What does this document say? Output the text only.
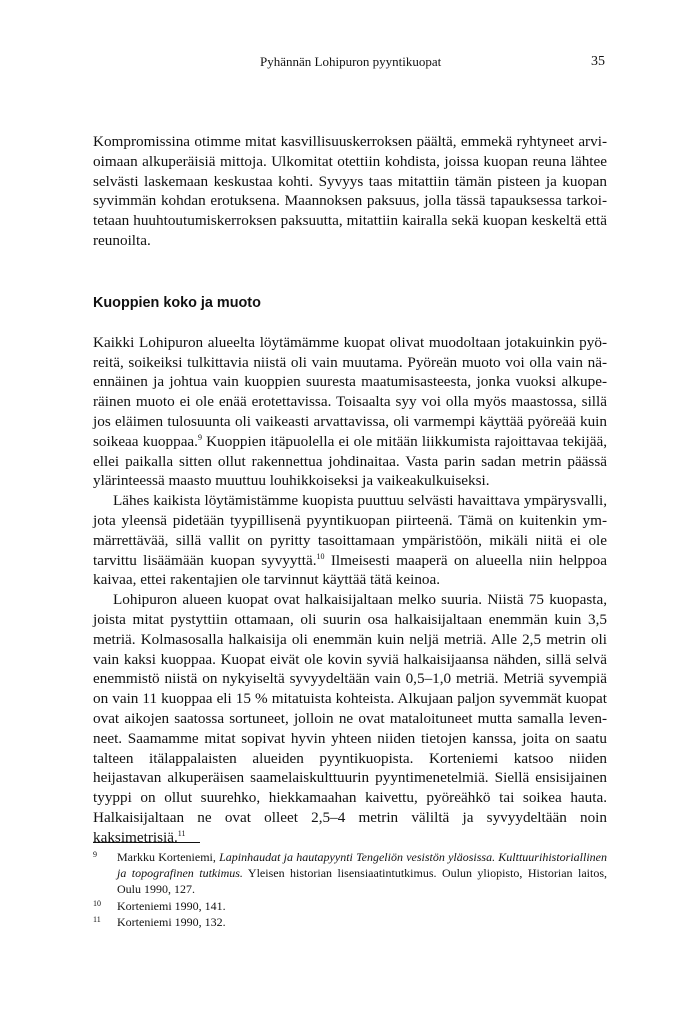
Pyhännän Lohipuron pyyntikuopat	35

Kompromissina otimme mitat kasvillisuuskerroksen päältä, emmekä ryhtyneet arvioimaan alkuperäisiä mittoja. Ulkomitat otettiin kohdista, joissa kuopan reuna lähtee selvästi laskemaan keskustaa kohti. Syvyys taas mitattiin tämän pisteen ja kuopan syvimmän kohdan erotuksena. Maannoksen paksuus, jolla tässä tapauksessa tarkoitetaan huuhtoutumiskerroksen paksuutta, mitattiin kairalla sekä kuopan keskeltä että reunoilta.

Kuoppien koko ja muoto

Kaikki Lohipuron alueelta löytämämme kuopat olivat muodoltaan jotakuinkin pyöreitä, soikeiksi tulkittavia niistä oli vain muutama. Pyöreän muoto voi olla vain näennäinen ja johtua vain kuoppien suuresta maatumisasteesta, jonka vuoksi alkuperäinen muoto ei ole enää erotettavissa. Toisaalta syy voi olla myös maastossa, sillä jos eläimen tulosuunta oli vaikeasti arvattavissa, oli varmempi käyttää pyöreää kuin soikeaa kuoppaa.$^9$ Kuoppien itäpuolella ei ole mitään liikkumista rajoittavaa tekijää, ellei paikalla sitten ollut rakennettua johdinaitaa. Vasta parin sadan metrin päässä ylärinteessä maasto muuttuu louhikkoiseksi ja vaikeakulkuiseksi.

Lähes kaikista löytämistämme kuopista puuttuu selvästi havaittava ympärysvalli, jota yleensä pidetään tyypillisenä pyyntikuopan piirteenä. Tämä on kuitenkin ymmärrettävää, sillä vallit on pyritty tasoittamaan ympäristöön, mikäli niitä ei ole tarvittu lisäämään kuopan syvyyttä.$^{10}$ Ilmeisesti maaperä on alueella niin helppoa kaivaa, ettei rakentajien ole tarvinnut käyttää tätä keinoa.

Lohipuron alueen kuopat ovat halkaisijaltaan melko suuria. Niistä 75 kuopasta, joista mitat pystyttiin ottamaan, oli suurin osa halkaisijaltaan enemmän kuin 3,5 metriä. Kolmasosalla halkaisija oli enemmän kuin neljä metriä. Alle 2,5 metrin oli vain kaksi kuoppaa. Kuopat eivät ole kovin syviä halkaisijaansa nähden, sillä selvä enemmistö niistä on nykyiseltä syvyydeltään vain 0,5–1,0 metriä. Metriä syvempiä on vain 11 kuoppaa eli 15 % mitatuista kohteista. Alkujaan paljon syvemmät kuopat ovat aikojen saatossa sortuneet, jolloin ne ovat mataloituneet mutta samalla levenneet. Saamamme mitat sopivat hyvin yhteen niiden tietojen kanssa, joita on saatu talteen itälappalaisten alueiden pyyntikuopista. Korteniemi katsoo niiden heijastavan alkuperäisen saamelaiskulttuurin pyyntimenetelmiä. Siellä ensisijainen tyyppi on ollut suurehko, hiekkamaahan kaivettu, pyöreähkö tai soikea hauta. Halkaisijaltaan ne ovat olleet 2,5–4 metrin väliltä ja syvyydeltään noin kaksimetrisiä.$^{11}$

9 Markku Korteniemi, Lapinhaudat ja hautapyynti Tengeliön vesistön yläosissa. Kulttuurihistoriallinen ja topografinen tutkimus. Yleisen historian lisensiaatintutkimus. Oulun yliopisto, Historian laitos, Oulu 1990, 127.
10 Korteniemi 1990, 141.
11 Korteniemi 1990, 132.
